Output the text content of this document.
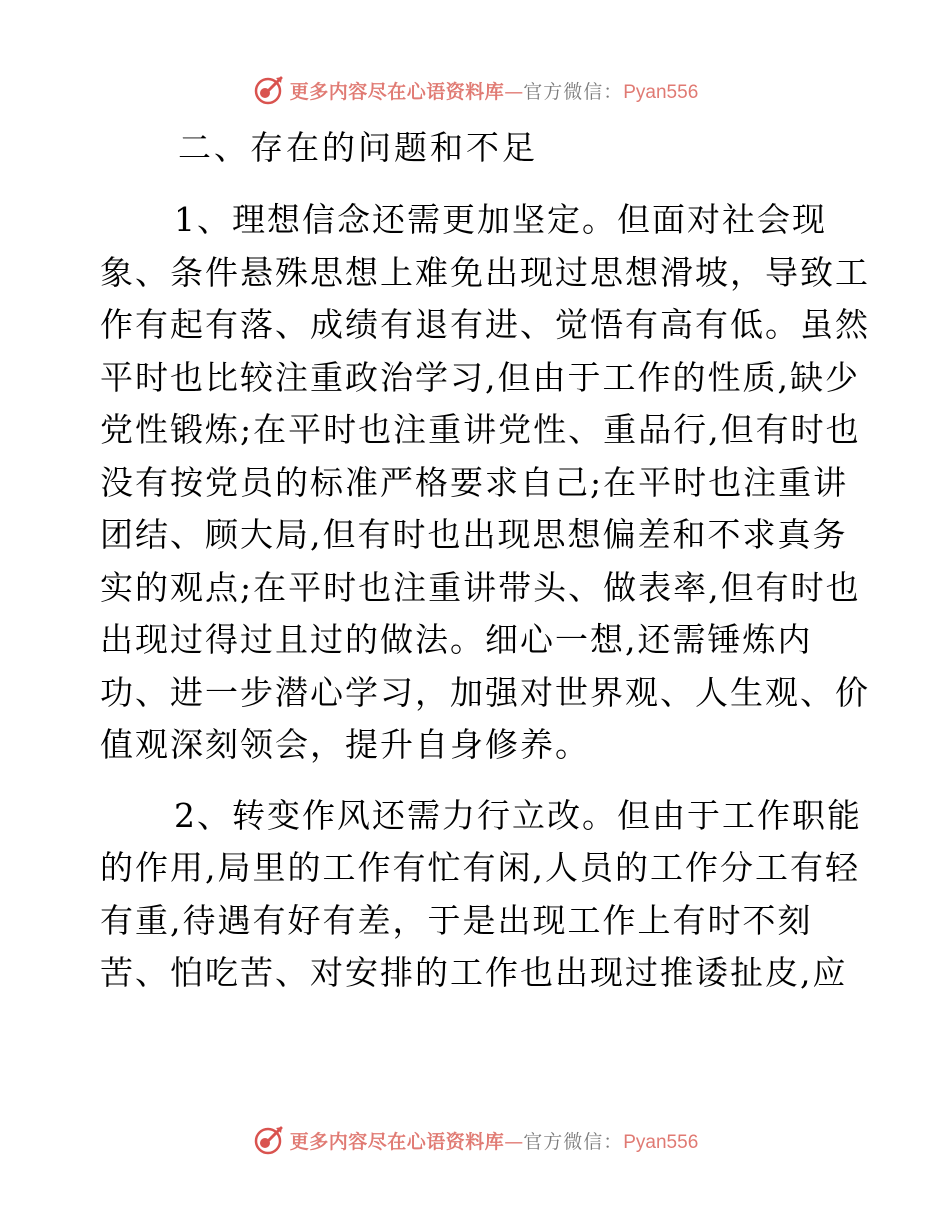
更多内容尽在心语资料库—官方微信：Pyan556
二、存在的问题和不足

1、理想信念还需更加坚定。但面对社会现
象、条件悬殊思想上难免出现过思想滑坡，导致工
作有起有落、成绩有退有进、觉悟有高有低。虽然
平时也比较注重政治学习,但由于工作的性质,缺少
党性锻炼;在平时也注重讲党性、重品行,但有时也
没有按党员的标准严格要求自己;在平时也注重讲
团结、顾大局,但有时也出现思想偏差和不求真务
实的观点;在平时也注重讲带头、做表率,但有时也
出现过得过且过的做法。细心一想,还需锤炼内
功、进一步潜心学习，加强对世界观、人生观、价
值观深刻领会，提升自身修养。

2、转变作风还需力行立改。但由于工作职能
的作用,局里的工作有忙有闲,人员的工作分工有轻
有重,待遇有好有差，于是出现工作上有时不刻
苦、怕吃苦、对安排的工作也出现过推诿扯皮,应

更多内容尽在心语资料库—官方微信：Pyan556
